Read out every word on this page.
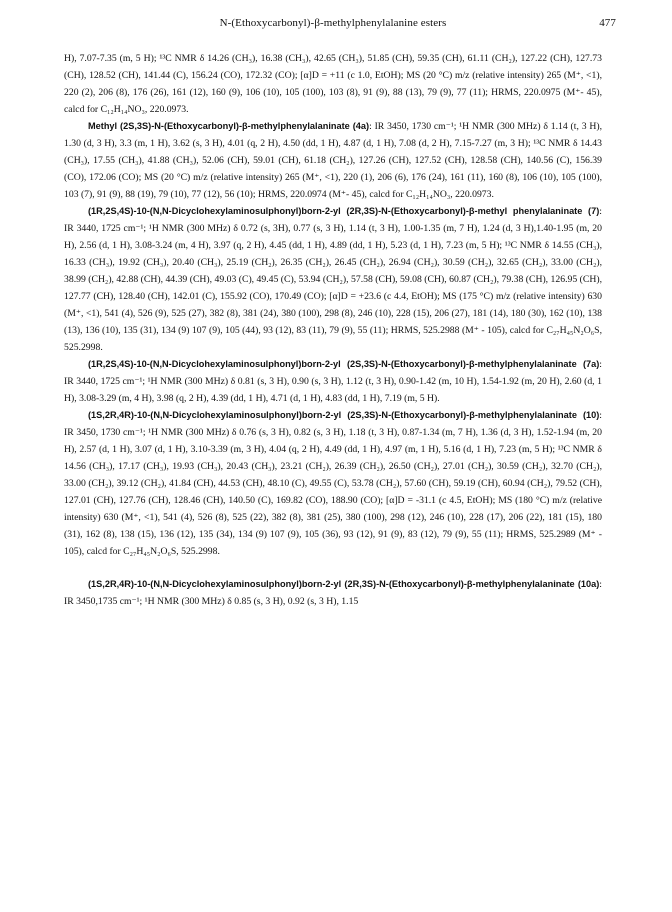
N-(Ethoxycarbonyl)-β-methylphenylalanine esters	477

H), 7.07-7.35 (m, 5 H); ¹³C NMR δ 14.26 (CH₃), 16.38 (CH₃), 42.65 (CH₃), 51.85 (CH), 59.35 (CH), 61.11 (CH₂), 127.22 (CH), 127.73 (CH), 128.52 (CH), 141.44 (C), 156.24 (CO), 172.32 (CO); [α]D = +11 (c 1.0, EtOH); MS (20 °C) m/z (relative intensity) 265 (M⁺, <1), 220 (2), 206 (8), 176 (26), 161 (12), 160 (9), 106 (10), 105 (100), 103 (8), 91 (9), 88 (13), 79 (9), 77 (11); HRMS, 220.0975 (M⁺- 45), calcd for C₁₂H₁₄NO₃, 220.0973.

Methyl (2S,3S)-N-(Ethoxycarbonyl)-β-methylphenylalaninate (4a): IR 3450, 1730 cm⁻¹; ¹H NMR (300 MHz) δ 1.14 (t, 3 H), 1.30 (d, 3 H), 3.3 (m, 1 H), 3.62 (s, 3 H), 4.01 (q, 2 H), 4.50 (dd, 1 H), 4.87 (d, 1 H), 7.08 (d, 2 H), 7.15-7.27 (m, 3 H); ¹³C NMR δ 14.43 (CH₃), 17.55 (CH₃), 41.88 (CH₃), 52.06 (CH), 59.01 (CH), 61.18 (CH₂), 127.26 (CH), 127.52 (CH), 128.58 (CH), 140.56 (C), 156.39 (CO), 172.06 (CO); MS (20 °C) m/z (relative intensity) 265 (M⁺, <1), 220 (1), 206 (6), 176 (24), 161 (11), 160 (8), 106 (10), 105 (100), 103 (7), 91 (9), 88 (19), 79 (10), 77 (12), 56 (10); HRMS, 220.0974 (M⁺- 45), calcd for C₁₂H₁₄NO₃, 220.0973.

(1R,2S,4S)-10-(N,N-Dicyclohexylaminosulphonyl)born-2-yl (2R,3S)-N-(Ethoxycarbonyl)-β-methyl phenylalaninate (7): IR 3440, 1725 cm⁻¹; ¹H NMR (300 MHz) δ 0.72 (s, 3H), 0.77 (s, 3 H), 1.14 (t, 3 H), 1.00-1.35 (m, 7 H), 1.24 (d, 3 H),1.40-1.95 (m, 20 H), 2.56 (d, 1 H), 3.08-3.24 (m, 4 H), 3.97 (q, 2 H), 4.45 (dd, 1 H), 4.89 (dd, 1 H), 5.23 (d, 1 H), 7.23 (m, 5 H); ¹³C NMR δ 14.55 (CH₃), 16.33 (CH₃), 19.92 (CH₃), 20.40 (CH₃), 25.19 (CH₂), 26.35 (CH₂), 26.45 (CH₂), 26.94 (CH₂), 30.59 (CH₂), 32.65 (CH₂), 33.00 (CH₂), 38.99 (CH₂), 42.88 (CH), 44.39 (CH), 49.03 (C), 49.45 (C), 53.94 (CH₂), 57.58 (CH), 59.08 (CH), 60.87 (CH₂), 79.38 (CH), 126.95 (CH), 127.77 (CH), 128.40 (CH), 142.01 (C), 155.92 (CO), 170.49 (CO); [α]D = +23.6 (c 4.4, EtOH); MS (175 °C) m/z (relative intensity) 630 (M⁺, <1), 541 (4), 526 (9), 525 (27), 382 (8), 381 (24), 380 (100), 298 (8), 246 (10), 228 (15), 206 (27), 181 (14), 180 (30), 162 (10), 138 (13), 136 (10), 135 (31), 134 (9) 107 (9), 105 (44), 93 (12), 83 (11), 79 (9), 55 (11); HRMS, 525.2988 (M⁺ - 105), calcd for C₂₇H₄₅N₂O₆S, 525.2998.

(1R,2S,4S)-10-(N,N-Dicyclohexylaminosulphonyl)born-2-yl (2S,3S)-N-(Ethoxycarbonyl)-β-methylphenylalaninate (7a): IR 3440, 1725 cm⁻¹; ¹H NMR (300 MHz) δ 0.81 (s, 3 H), 0.90 (s, 3 H), 1.12 (t, 3 H), 0.90-1.42 (m, 10 H), 1.54-1.92 (m, 20 H), 2.60 (d, 1 H), 3.08-3.29 (m, 4 H), 3.98 (q, 2 H), 4.39 (dd, 1 H), 4.71 (d, 1 H), 4.83 (dd, 1 H), 7.19 (m, 5 H).

(1S,2R,4R)-10-(N,N-Dicyclohexylaminosulphonyl)born-2-yl (2S,3S)-N-(Ethoxycarbonyl)-β-methylphenylalaninate (10): IR 3450, 1730 cm⁻¹; ¹H NMR (300 MHz) δ 0.76 (s, 3 H), 0.82 (s, 3 H), 1.18 (t, 3 H), 0.87-1.34 (m, 7 H), 1.36 (d, 3 H), 1.52-1.94 (m, 20 H), 2.57 (d, 1 H), 3.07 (d, 1 H), 3.10-3.39 (m, 3 H), 4.04 (q, 2 H), 4.49 (dd, 1 H), 4.97 (m, 1 H), 5.16 (d, 1 H), 7.23 (m, 5 H); ¹³C NMR δ 14.56 (CH₃), 17.17 (CH₃), 19.93 (CH₃), 20.43 (CH₃), 23.21 (CH₂), 26.39 (CH₂), 26.50 (CH₂), 27.01 (CH₂), 30.59 (CH₂), 32.70 (CH₂), 33.00 (CH₂), 39.12 (CH₂), 41.84 (CH), 44.53 (CH), 48.10 (C), 49.55 (C), 53.78 (CH₂), 57.60 (CH), 59.19 (CH), 60.94 (CH₂), 79.52 (CH), 127.01 (CH), 127.76 (CH), 128.46 (CH), 140.50 (C), 169.82 (CO), 188.90 (CO); [α]D = -31.1 (c 4.5, EtOH); MS (180 °C) m/z (relative intensity) 630 (M⁺, <1), 541 (4), 526 (8), 525 (22), 382 (8), 381 (25), 380 (100), 298 (12), 246 (10), 228 (17), 206 (22), 181 (15), 180 (31), 162 (8), 138 (15), 136 (12), 135 (34), 134 (9) 107 (9), 105 (36), 93 (12), 91 (9), 83 (12), 79 (9), 55 (11); HRMS, 525.2989 (M⁺ - 105), calcd for C₂₇H₄₅N₂O₆S, 525.2998.

(1S,2R,4R)-10-(N,N-Dicyclohexylaminosulphonyl)born-2-yl (2R,3S)-N-(Ethoxycarbonyl)-β-methylphenylalaninate (10a): IR 3450,1735 cm⁻¹; ¹H NMR (300 MHz) δ 0.85 (s, 3 H), 0.92 (s, 3 H), 1.15
